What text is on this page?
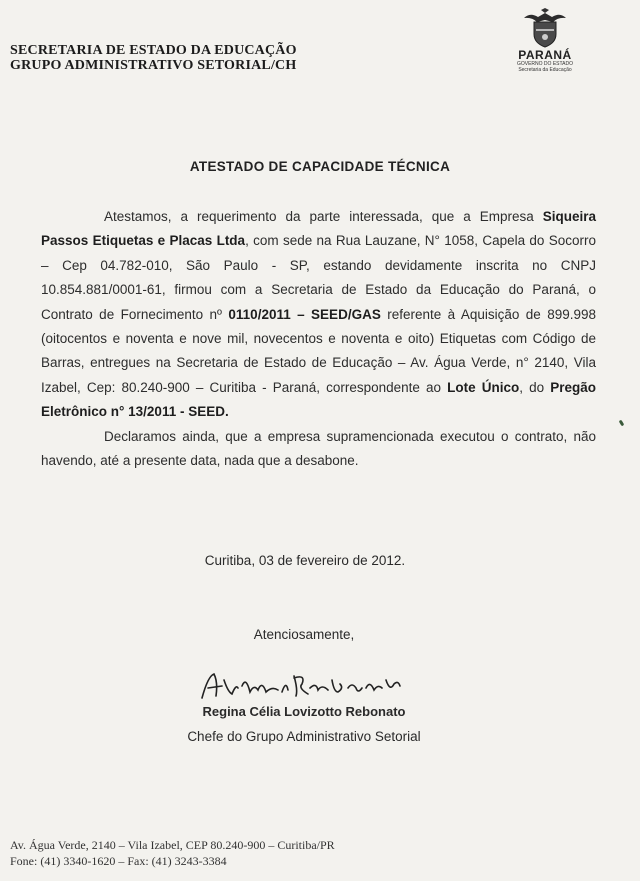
SECRETARIA DE ESTADO DA EDUCAÇÃO
GRUPO ADMINISTRATIVO SETORIAL/CH
PARANÁ
GOVERNO DO ESTADO
Secretaria da Educação
ATESTADO DE CAPACIDADE TÉCNICA

Atestamos, a requerimento da parte interessada, que a Empresa Siqueira Passos Etiquetas e Placas Ltda, com sede na Rua Lauzane, N° 1058, Capela do Socorro – Cep 04.782-010, São Paulo - SP, estando devidamente inscrita no CNPJ 10.854.881/0001-61, firmou com a Secretaria de Estado da Educação do Paraná, o Contrato de Fornecimento nº 0110/2011 – SEED/GAS referente à Aquisição de 899.998 (oitocentos e noventa e nove mil, novecentos e noventa e oito) Etiquetas com Código de Barras, entregues na Secretaria de Estado de Educação – Av. Água Verde, n° 2140, Vila Izabel, Cep: 80.240-900 – Curitiba - Paraná, correspondente ao Lote Único, do Pregão Eletrônico n° 13/2011 - SEED.

Declaramos ainda, que a empresa supramencionada executou o contrato, não havendo, até a presente data, nada que a desabone.

Curitiba, 03 de fevereiro de 2012.
Atenciosamente,
Regina Célia Lovizotto Rebonato
Chefe do Grupo Administrativo Setorial
Av. Água Verde, 2140 – Vila Izabel, CEP 80.240-900 – Curitiba/PR
Fone: (41) 3340-1620 – Fax: (41) 3243-3384
